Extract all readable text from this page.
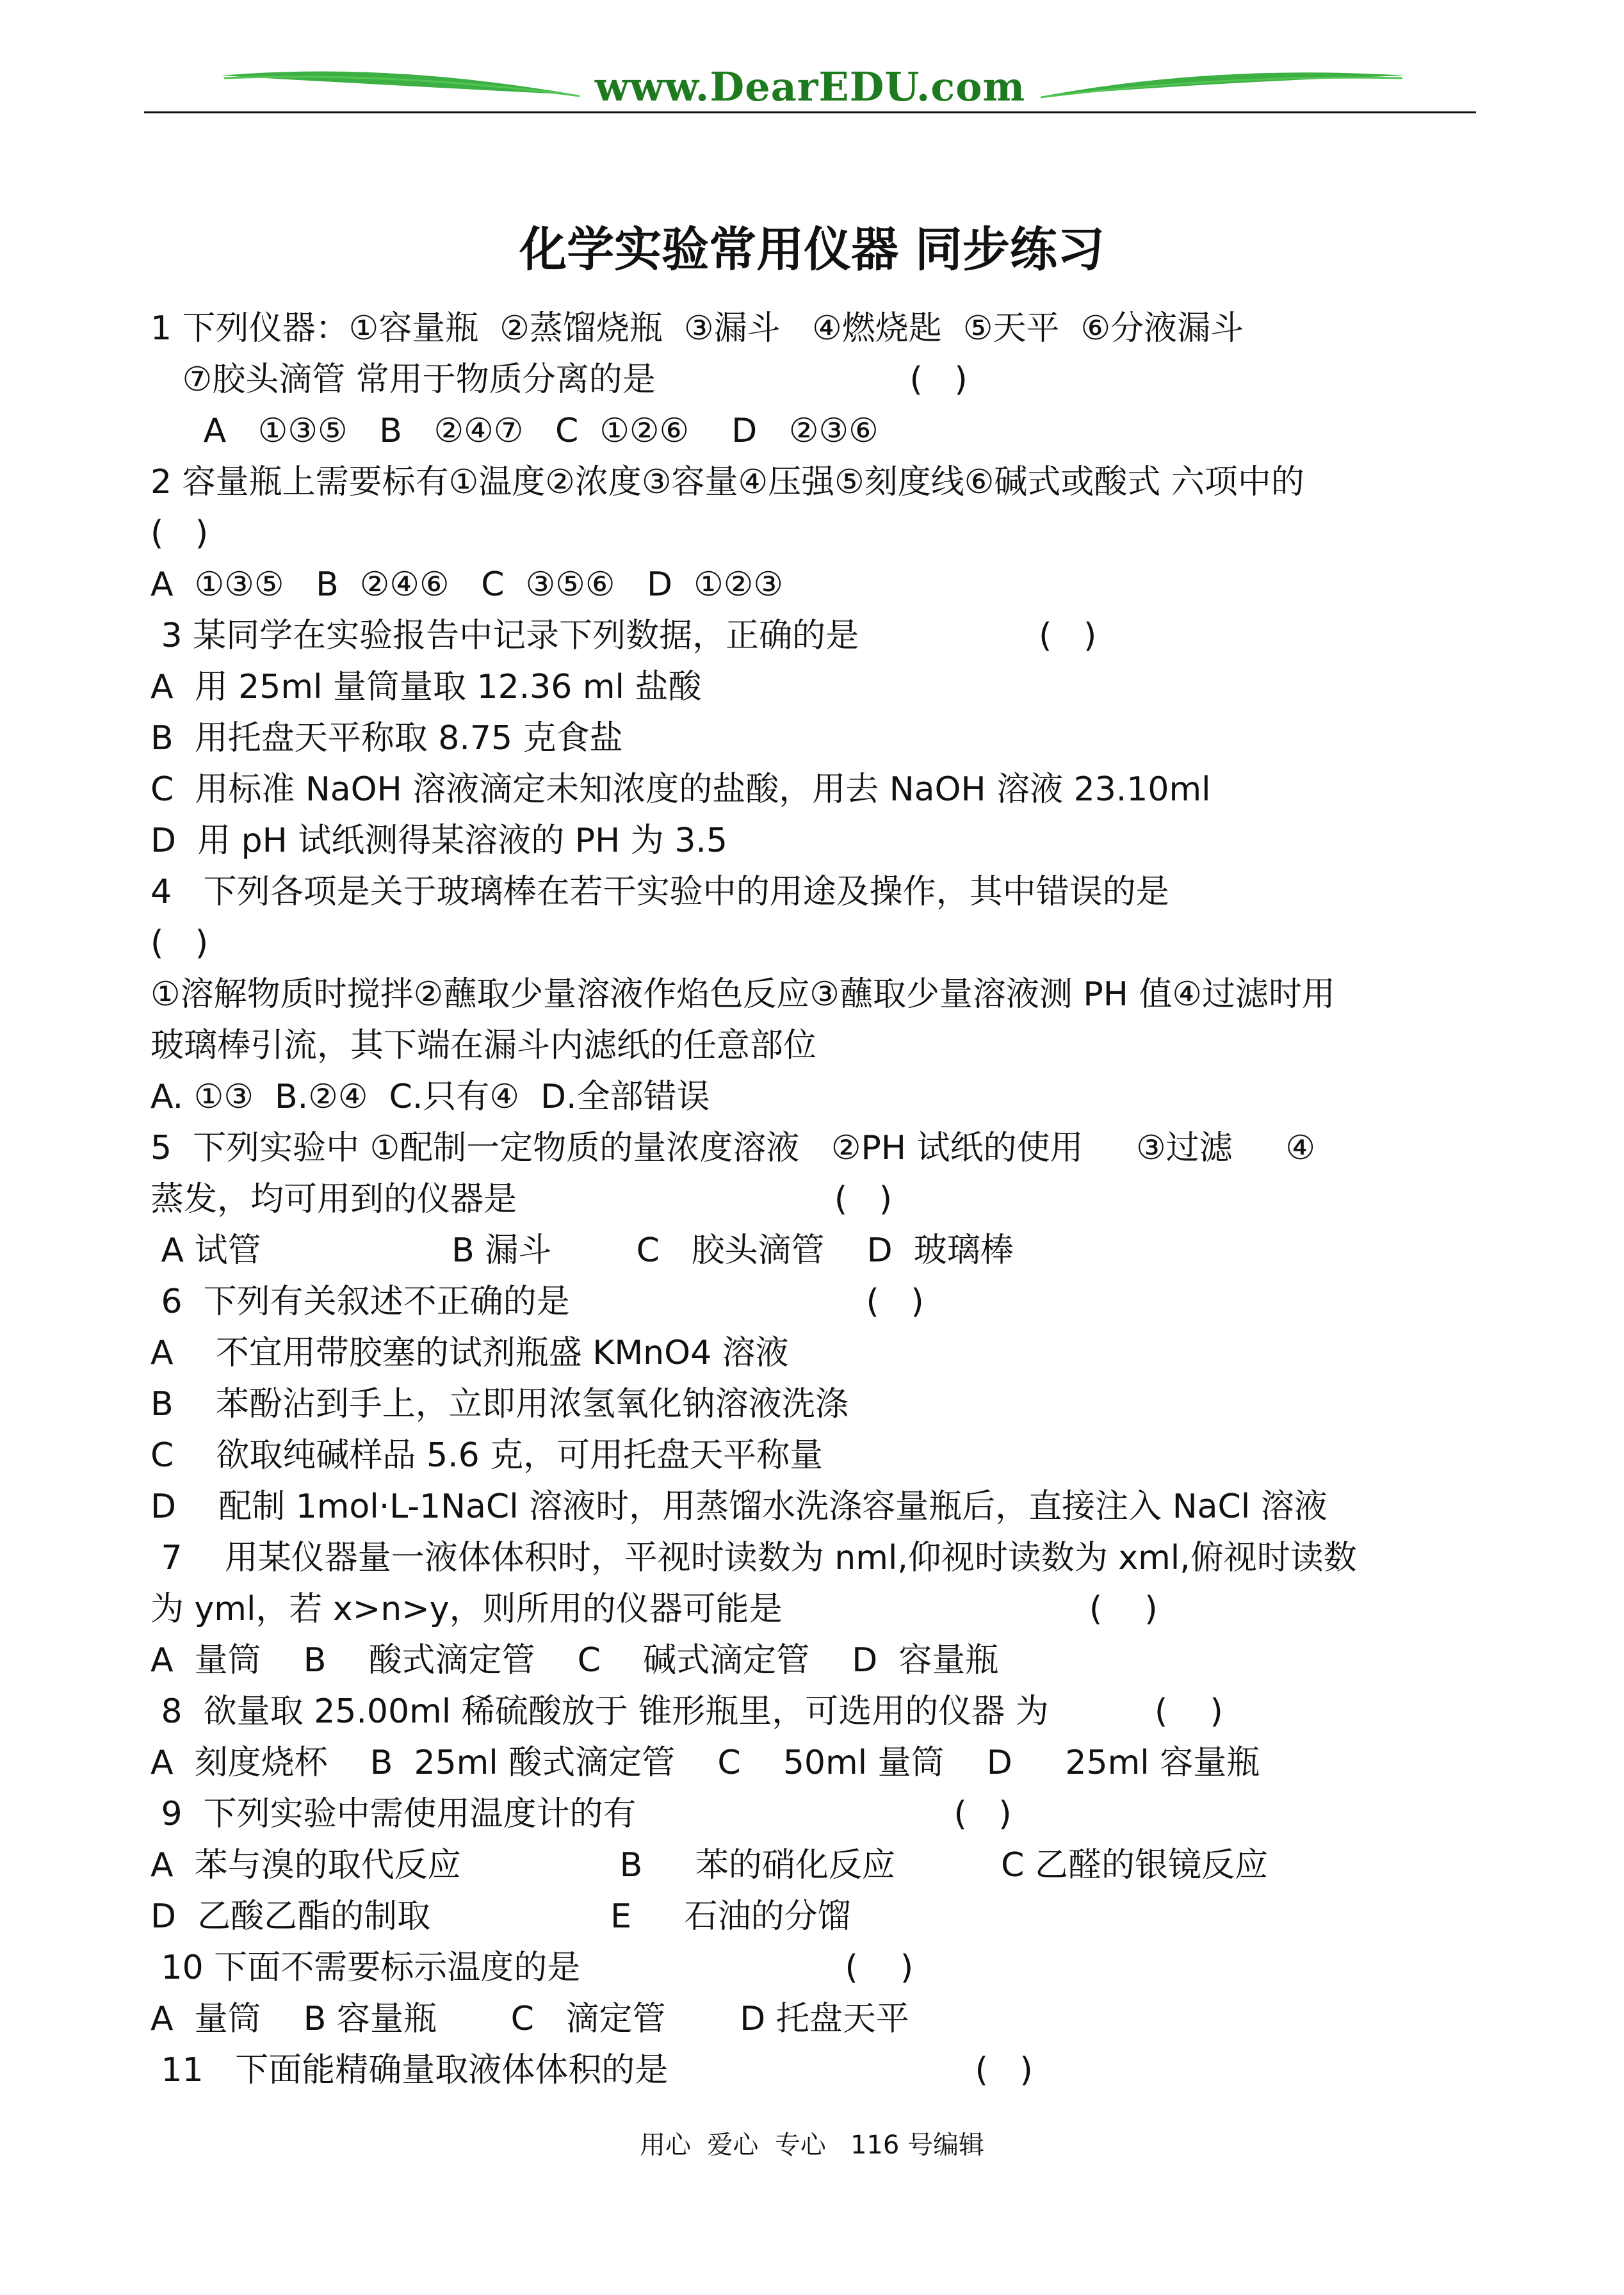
www.DearEDU.com
化学实验常用仪器 同步练习
1 下列仪器：①容量瓶  ②蒸馏烧瓶  ③漏斗   ④燃烧匙  ⑤天平  ⑥分液漏斗
⑦胶头滴管 常用于物质分离的是                        (   )
A   ①③⑤   B   ②④⑦   C  ①②⑥    D   ②③⑥
2 容量瓶上需要标有①温度②浓度③容量④压强⑤刻度线⑥碱式或酸式 六项中的
(   )
A  ①③⑤   B  ②④⑥   C  ③⑤⑥   D  ①②③
3 某同学在实验报告中记录下列数据，正确的是                 (   )
A  用 25ml 量筒量取 12.36 ml 盐酸
B  用托盘天平称取 8.75 克食盐
C  用标准 NaOH 溶液滴定未知浓度的盐酸，用去 NaOH 溶液 23.10ml
D  用 pH 试纸测得某溶液的 PH 为 3.5
4   下列各项是关于玻璃棒在若干实验中的用途及操作，其中错误的是
(   )
①溶解物质时搅拌②蘸取少量溶液作焰色反应③蘸取少量溶液测 PH 值④过滤时用
玻璃棒引流，其下端在漏斗内滤纸的任意部位
A. ①③  B.②④  C.只有④  D.全部错误
5  下列实验中 ①配制一定物质的量浓度溶液   ②PH 试纸的使用     ③过滤     ④
蒸发，均可用到的仪器是                              (   )
A 试管                  B 漏斗        C   胶头滴管    D  玻璃棒
6  下列有关叙述不正确的是                            (   )
A    不宜用带胶塞的试剂瓶盛 KMnO4 溶液
B    苯酚沾到手上，立即用浓氢氧化钠溶液洗涤
C    欲取纯碱样品 5.6 克，可用托盘天平称量
D    配制 1mol·L-1NaCl 溶液时，用蒸馏水洗涤容量瓶后，直接注入 NaCl 溶液
7    用某仪器量一液体体积时，平视时读数为 nml,仰视时读数为 xml,俯视时读数
为 yml，若 x>n>y，则所用的仪器可能是                             (    )
A  量筒    B    酸式滴定管    C    碱式滴定管    D  容量瓶
8  欲量取 25.00ml 稀硫酸放于 锥形瓶里，可选用的仪器 为          (    )
A  刻度烧杯    B  25ml 酸式滴定管    C    50ml 量筒    D     25ml 容量瓶
9  下列实验中需使用温度计的有                              (   )
A  苯与溴的取代反应               B     苯的硝化反应          C 乙醛的银镜反应
D  乙酸乙酯的制取                 E     石油的分馏
10 下面不需要标示温度的是                         (    )
A  量筒    B 容量瓶       C   滴定管       D 托盘天平
11   下面能精确量取液体体积的是                             (   )
用心  爱心  专心   116 号编辑
